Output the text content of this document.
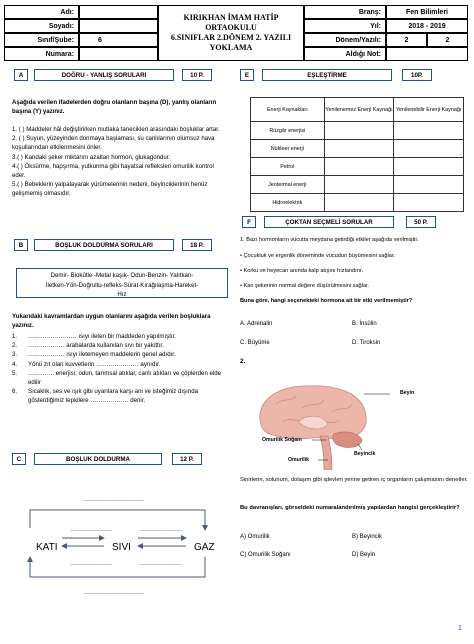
Adı:
Soyadı:
Sınıf/Şube:	6
Numara:
KIRIKHAN İMAM HATİP ORTAOKULU
6.SINIFLAR 2.DÖNEM 2. YAZILI
YOKLAMA
Branş:	Fen Bilimleri
Yıl:	2018 - 2019
Dönem/Yazılı:	2	2
Aldığı Not:
A	DOĞRU - YANLIŞ SORULARI	10 P.
Aşağıda verilen ifadelerden doğru olanların başına (D), yanlış olanların başına (Y) yazınız.
1. ( ) Maddeler hâl değiştirirken mutlaka tanecikleri arasındaki boşluklar artar.
2. ( ) Suyun, yüzeyinden donmaya başlaması, su canlılarının olumsuz hava koşullarından etkilenmesini önler.
3.( ) Kandaki şeker miktarını azaltan hormon, glukagondur.
4.( ) Öksürme, hapşırma, yutkunma gibi hayatsal refleksleri omurilik kontrol eder.
5.( ) Bebeklerin yalpalayarak yürümelerinin nedeni, beyinciklerinin henüz gelişmemiş olmasıdır.
B	BOŞLUK DOLDURMA SORULARI	18 P.
Demir- Biokütle -Metal kaşık- Odun-Benzin- Yalıtkan-
İletken-Yön-Doğrultu-refleks-Sürat-Kırağılaşma-Hareket-
Hız
Yukarıdaki kavramlardan uygun olanlarını aşağıda verilen boşluklara yazınız.
1.	…………………… ısıyı ileten bir maddeden yapılmıştır.
2.	……………… arabalarda kullanılan sıvı bir yakıttır.
3.	……………… ısıyı iletemeyen maddelerin genel adıdır.
4.	Yönü zıt olan kuvvetlerin ………………… aynıdır.
5.	…………. enerjisi; odun, tarımsal atıklar, canlı atıkları ve çöplerden elde edilir
6.	Sıcaklık, ses ve ışık gibi uyarılara karşı ani ve isteğimiz dışında gösterdiğimiz tepkilere ………………. denir.
C	BOŞLUK DOLDURMA	12 P.
…………………………
…………………………
…………………	…………………
…………………	…………………
KATI	SIVI	GAZ
E	EŞLEŞTİRME	10P.
Enerji Kaynakları	Yenilenemez Enerji Kaynağı	Yenilenebilir Enerji Kaynağı
Rüzgâr enerjisi		
Nükleer enerji		
Petrol		
Jeotermal enerji		
Hidroelektrik		
F	ÇOKTAN SEÇMELİ SORULAR	50 P.
1. Bazı hormonların vücutta meydana getirdiği etkiler aşağıda verilmiştir.
• Çocukluk ve ergenlik döneminde vücudun büyümesini sağlar.
• Korku ve heyecan anında kalp atışını hızlandırır.
• Kan şekerinin normal değere düşürülmesini sağlar.
Buna göre, hangi seçenekteki hormona ait bir etki verilmemiştir?
A. Adrenalin	B. İnsülin
C. Büyüme	D. Tiroksin
2.
Beyin
Omurilik Soğanı
Beyincik
Omurilik
Sinirlerin, solunum, dolaşım gibi işlevleri yerine getiren iç organların çalışmasını denetler.
Bu davranışları, görseldeki numaralandırılmış yapılardan hangisi gerçekleştirir?
A) Omurilik	B) Beyincik
C) Omurilik Soğanı	D) Beyin
1
